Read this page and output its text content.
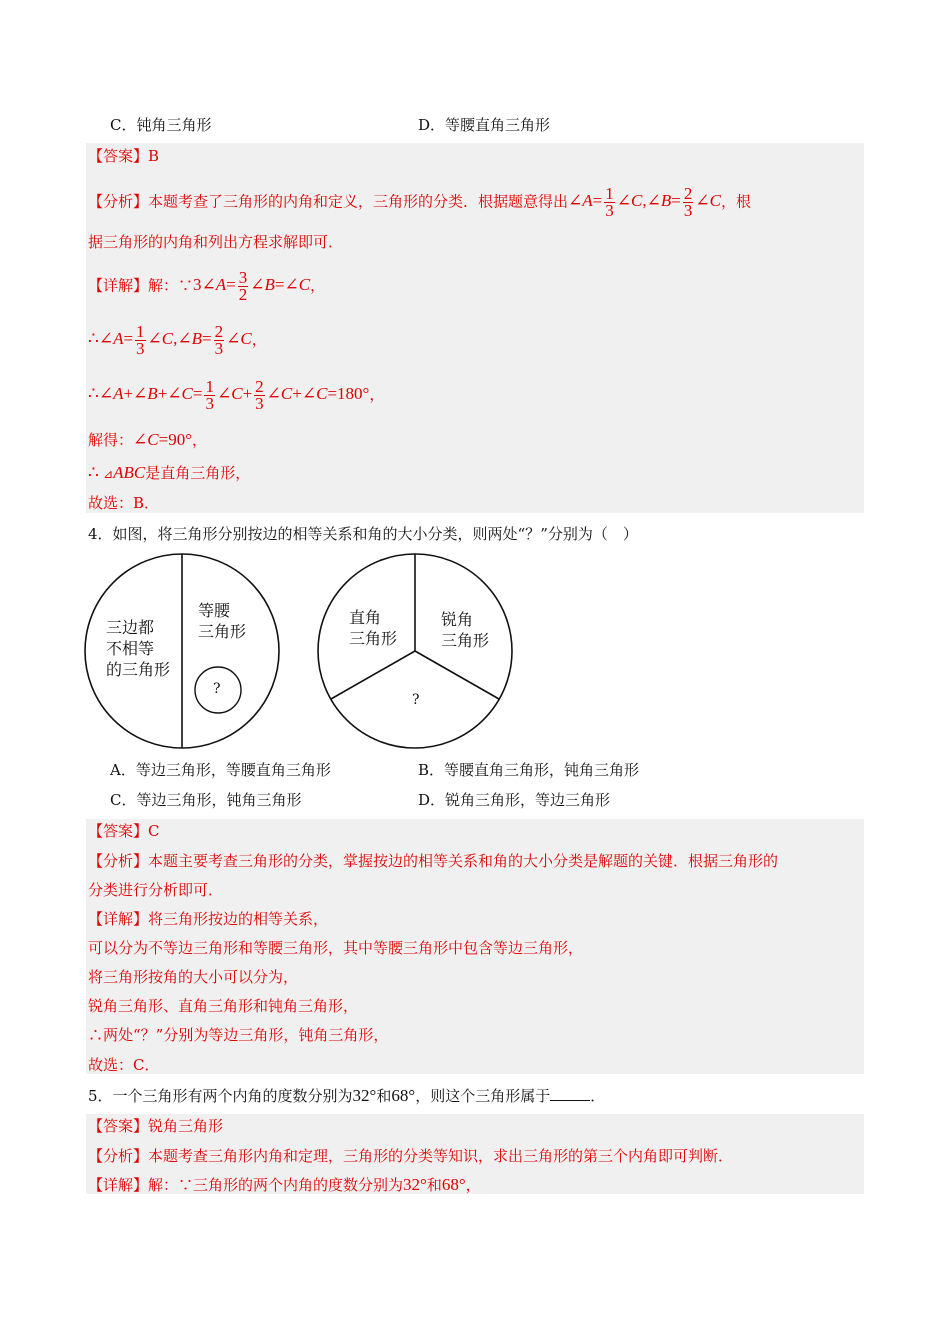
C．钝角三角形	D．等腰直角三角形
【答案】B
【分析】本题考查了三角形的内角和定义，三角形的分类．根据题意得出∠A= $\frac{1}{3}$ ∠C,∠B= $\frac{2}{3}$ ∠C，根
据三角形的内角和列出方程求解即可．
【详解】解：∵3∠A= $\frac{3}{2}$ ∠B=∠C，
∴∠A= $\frac{1}{3}$ ∠C,∠B= $\frac{2}{3}$ ∠C，
∴∠A+∠B+∠C= $\frac{1}{3}$ ∠C+ $\frac{2}{3}$ ∠C+∠C=180°，
解得：∠C=90°，
∴ ⊿ABC是直角三角形，
故选：B．
4．如图，将三角形分别按边的相等关系和角的大小分类，则两处“？”分别为（　）
三边都
不相等
的三角形
等腰
三角形
?
直角
三角形
锐角
三角形
?
A．等边三角形，等腰直角三角形	B．等腰直角三角形，钝角三角形
C．等边三角形，钝角三角形	D．锐角三角形，等边三角形
【答案】C
【分析】本题主要考查三角形的分类，掌握按边的相等关系和角的大小分类是解题的关键．根据三角形的
分类进行分析即可．
【详解】将三角形按边的相等关系，
可以分为不等边三角形和等腰三角形，其中等腰三角形中包含等边三角形，
将三角形按角的大小可以分为，
锐角三角形、直角三角形和钝角三角形，
∴两处“？”分别为等边三角形，钝角三角形，
故选：C．
5．一个三角形有两个内角的度数分别为32°和68°，则这个三角形属于	．
【答案】锐角三角形
【分析】本题考查三角形内角和定理，三角形的分类等知识，求出三角形的第三个内角即可判断．
【详解】解：∵三角形的两个内角的度数分别为32°和68°，
